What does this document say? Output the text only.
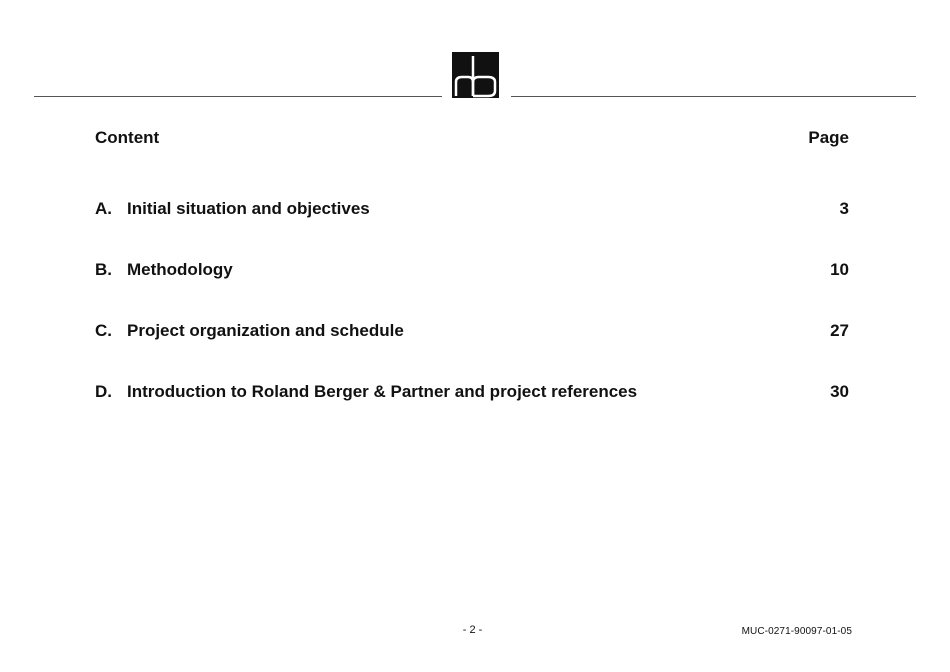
Content	Page
A. Initial situation and objectives	3
B. Methodology	10
C. Project organization and schedule	27
D. Introduction to Roland Berger & Partner and project references	30
- 2 -	MUC-0271-90097-01-05
